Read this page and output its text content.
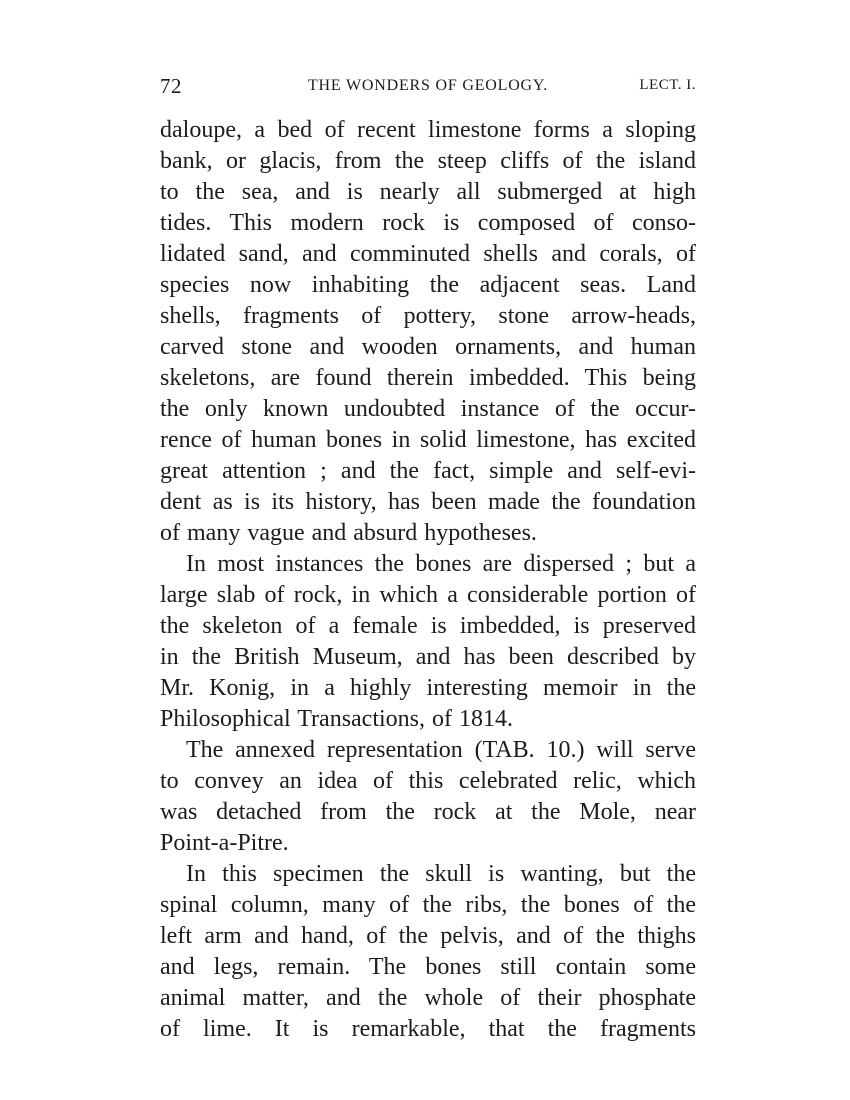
72	THE WONDERS OF GEOLOGY.	LECT. I.
daloupe, a bed of recent limestone forms a sloping
bank, or glacis, from the steep cliffs of the island
to the sea, and is nearly all submerged at high
tides. This modern rock is composed of conso-
lidated sand, and comminuted shells and corals, of
species now inhabiting the adjacent seas. Land
shells, fragments of pottery, stone arrow-heads,
carved stone and wooden ornaments, and human
skeletons, are found therein imbedded. This being
the only known undoubted instance of the occur-
rence of human bones in solid limestone, has excited
great attention ; and the fact, simple and self-evi-
dent as is its history, has been made the foundation
of many vague and absurd hypotheses.
In most instances the bones are dispersed ; but a
large slab of rock, in which a considerable portion of
the skeleton of a female is imbedded, is preserved
in the British Museum, and has been described by
Mr. Konig, in a highly interesting memoir in the
Philosophical Transactions, of 1814.
The annexed representation (TAB. 10.) will serve
to convey an idea of this celebrated relic, which
was detached from the rock at the Mole, near
Point-a-Pitre.
In this specimen the skull is wanting, but the
spinal column, many of the ribs, the bones of the
left arm and hand, of the pelvis, and of the thighs
and legs, remain. The bones still contain some
animal matter, and the whole of their phosphate
of lime. It is remarkable, that the fragments
